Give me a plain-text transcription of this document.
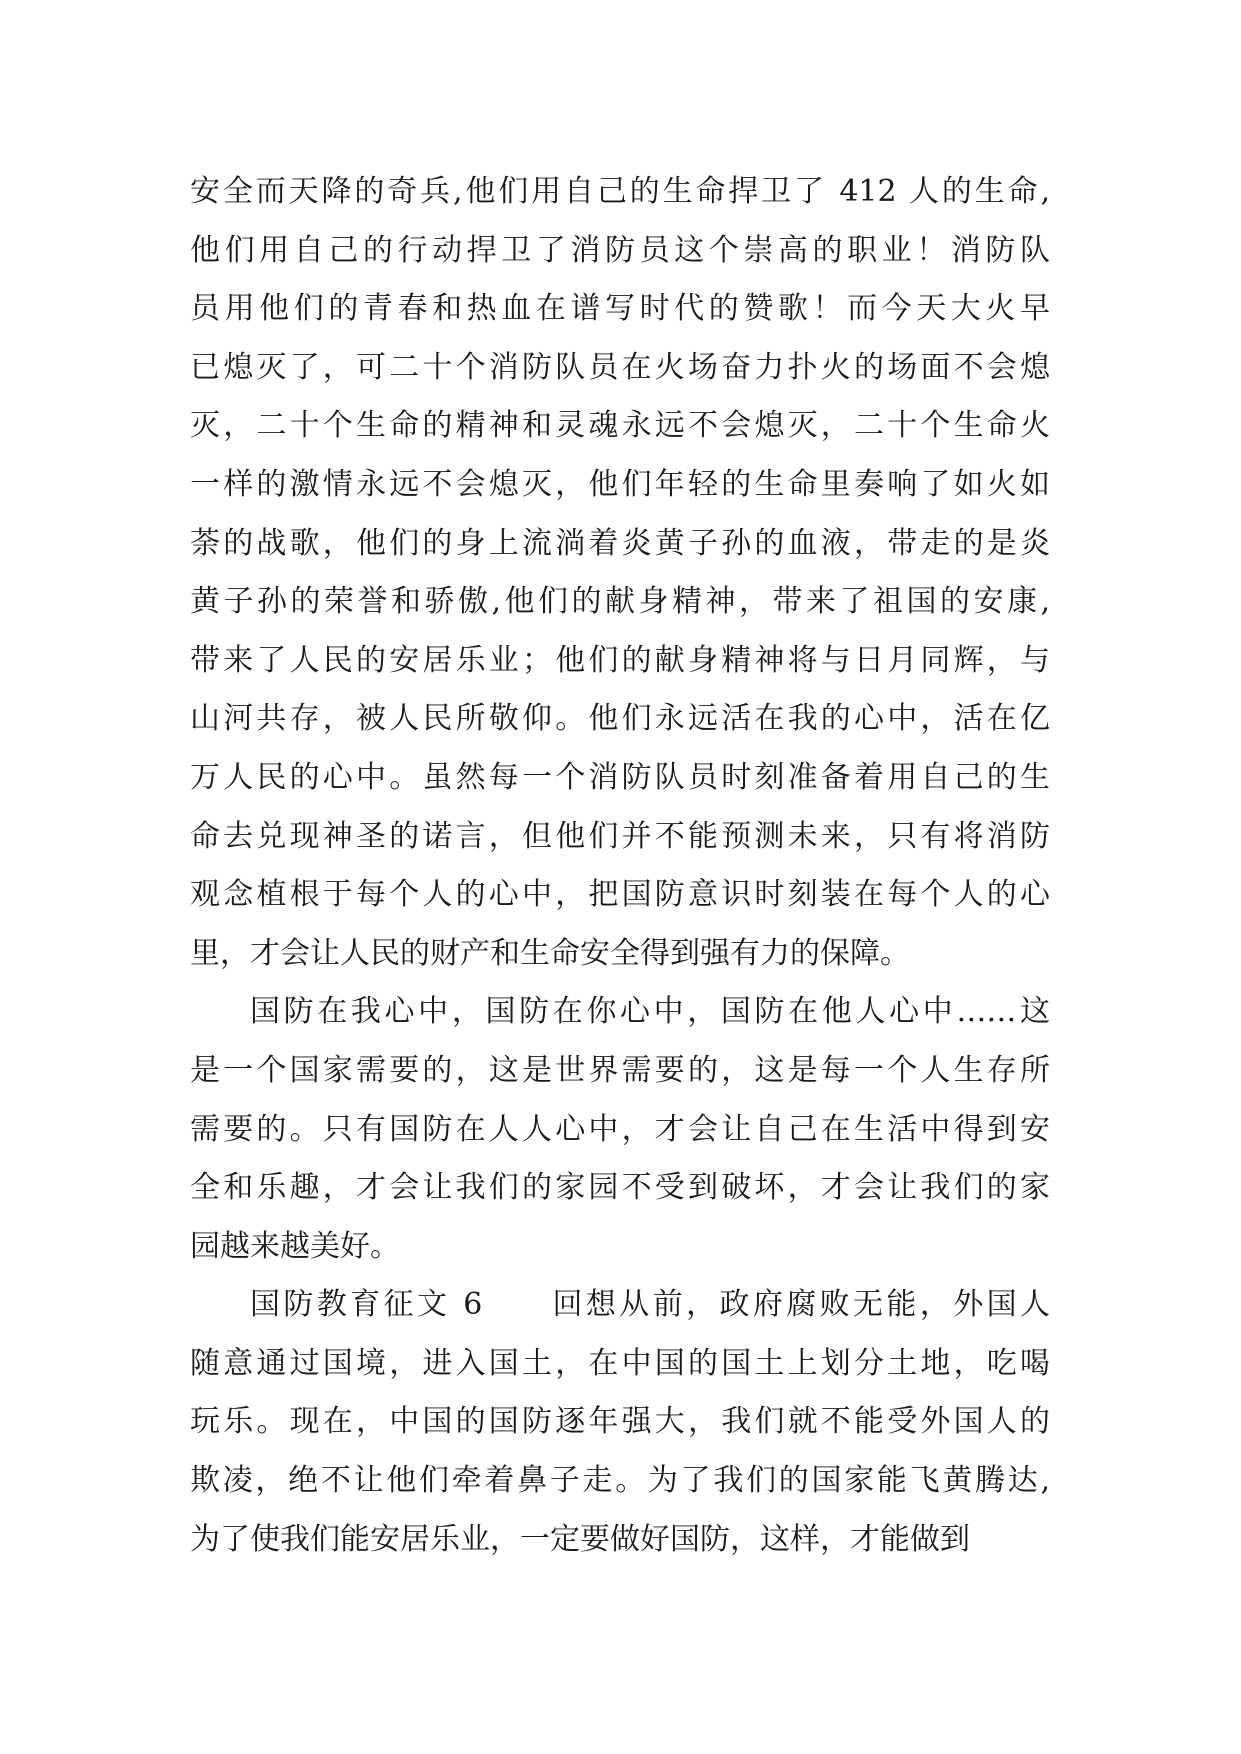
安全而天降的奇兵,他们用自己的生命捍卫了 412 人的生命,
他们用自己的行动捍卫了消防员这个崇高的职业！消防队
员用他们的青春和热血在谱写时代的赞歌！而今天大火早
已熄灭了，可二十个消防队员在火场奋力扑火的场面不会熄
灭，二十个生命的精神和灵魂永远不会熄灭，二十个生命火
一样的激情永远不会熄灭，他们年轻的生命里奏响了如火如
荼的战歌，他们的身上流淌着炎黄子孙的血液，带走的是炎
黄子孙的荣誉和骄傲,他们的献身精神，带来了祖国的安康,
带来了人民的安居乐业；他们的献身精神将与日月同辉，与
山河共存，被人民所敬仰。他们永远活在我的心中，活在亿
万人民的心中。虽然每一个消防队员时刻准备着用自己的生
命去兑现神圣的诺言，但他们并不能预测未来，只有将消防
观念植根于每个人的心中，把国防意识时刻装在每个人的心
里，才会让人民的财产和生命安全得到强有力的保障。
国防在我心中，国防在你心中，国防在他人心中……这
是一个国家需要的，这是世界需要的，这是每一个人生存所
需要的。只有国防在人人心中，才会让自己在生活中得到安
全和乐趣，才会让我们的家园不受到破坏，才会让我们的家
园越来越美好。
国防教育征文 6　　回想从前，政府腐败无能，外国人
随意通过国境，进入国土，在中国的国土上划分土地，吃喝
玩乐。现在，中国的国防逐年强大，我们就不能受外国人的
欺凌，绝不让他们牵着鼻子走。为了我们的国家能飞黄腾达,
为了使我们能安居乐业，一定要做好国防，这样，才能做到
